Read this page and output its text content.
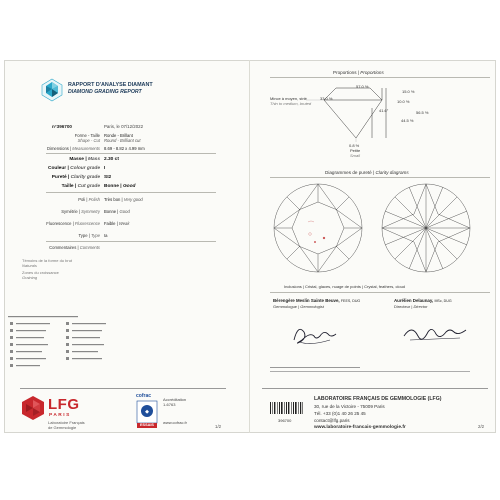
RAPPORT D'ANALYSE DIAMANT
DIAMOND GRADING REPORT
n°396700	Paris, le 07/12/2022
Forme - Taille
Shape - Cut
Ronde - Brillant
Round - Brilliant cut
Dimensions | Measurements 8.69 - 8.82 x 4.99 mm
Masse | Mass 2.30 ct
Couleur | Colour grade I
Pureté | Clarity grade SI2
Taille | Cut grade Bonne | Good
Poli | Polish Très bon | Very good
Symétrie | Symmetry Bonne | Good
Fluorescence | Fluorescence Faible | Weak
Type | Type Ia
Commentaires | Comments
Témoins de la forme du brut
Naturals
Zones du croissance
Graining
Proportions | Proportions
57.0 %
33.0 %
10.0 %
15.0 %
41.6°
44.5 %
56.5 %
Mince à moyen, strié
Thin to medium, bruted
0.8 %
Petite
Small
Diagrammes de pureté | Clarity diagrams
Inclusions | Cristal, glaces, nuage de points | Crystal, feathers, cloud
Bérengère Meslin Sainte Beuve, FEES, DUG
Gemmologue | Gemmologist
Aurélien Delaunay, MSc, DUG
Directeur | Director
LFG
PARIS
Laboratoire Français
de Gemmologie
cofrac
◆
ESSAIS
Accréditation
1-6763
www.cofrac.fr
1/2
396700
LABORATOIRE FRANÇAIS DE GEMMOLOGIE (LFG)
30, rue de la Victoire - 75009 Paris
Tél. +33 (0)1 40 26 25 45
contact@lfg.paris
www.laboratoire-francais-gemmologie.fr	2/2
